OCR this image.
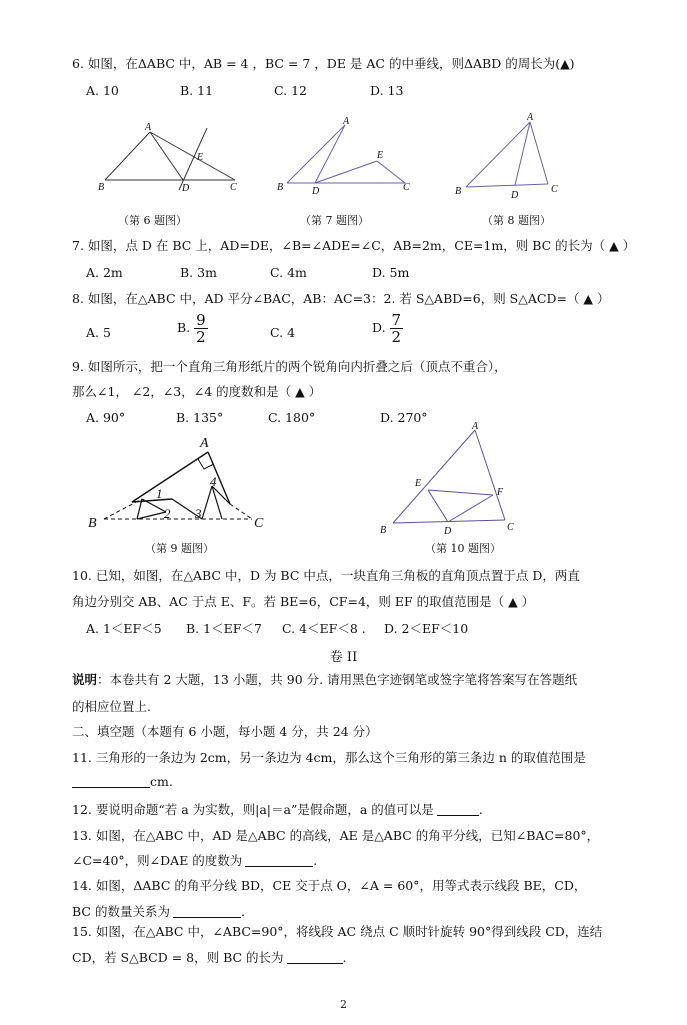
6. 如图，在ΔABC 中，AB = 4 ，BC = 7 ，DE 是 AC 的中垂线，则ΔABD 的周长为(▲)
A. 10	B. 11	C. 12	D. 13
A
B	C
D
E
A
B	C
D
E
A
B	C
D
（第 6 题图）	（第 7 题图）	（第 8 题图）
7. 如图，点 D 在 BC 上，AD=DE，∠B=∠ADE=∠C，AB=2m，CE=1m，则 BC 的长为（ ▲ ）
A. 2m	B. 3m	C. 4m	D. 5m
8. 如图，在△ABC 中，AD 平分∠BAC，AB：AC=3：2. 若 S△ABD=6，则 S△ACD=（ ▲ ）
A. 5	B. $\frac{9}{2}$	C. 4	D. $\frac{7}{2}$
9. 如图所示，把一个直角三角形纸片的两个锐角向内折叠之后（顶点不重合），
那么∠1， ∠2，∠3，∠4 的度数和是（ ▲ ）
A. 90°	B. 135°	C. 180°	D. 270°
A
B	C
1
2 3
4
A
B	C
D
E
F
（第 9 题图）	（第 10 题图）
10. 已知，如图，在△ABC 中，D 为 BC 中点，一块直角三角板的直角顶点置于点 D，两直
角边分别交 AB、AC 于点 E、F。若 BE=6，CF=4，则 EF 的取值范围是（ ▲ ）
A. 1＜EF＜5 B. 1＜EF＜7 C. 4＜EF＜8 . D. 2＜EF＜10
卷 II
说明：本卷共有 2 大题，13 小题，共 90 分. 请用黑色字迹钢笔或签字笔将答案写在答题纸
的相应位置上.
二、填空题（本题有 6 小题，每小题 4 分，共 24 分）
11. 三角形的一条边为 2cm，另一条边为 4cm，那么这个三角形的第三条边 n 的取值范围是
cm.
12. 要说明命题“若 a 为实数，则|a|＝a”是假命题，a 的值可以是	.
13. 如图，在△ABC 中，AD 是△ABC 的高线，AE 是△ABC 的角平分线，已知∠BAC=80°，
∠C=40°，则∠DAE 的度数为	.
14. 如图，ΔABC 的角平分线 BD，CE 交于点 O，∠A = 60°，用等式表示线段 BE，CD，
BC 的数量关系为	.
15. 如图，在△ABC 中，∠ABC=90°，将线段 AC 绕点 C 顺时针旋转 90°得到线段 CD，连结
CD，若 S△BCD = 8，则 BC 的长为	.
2
